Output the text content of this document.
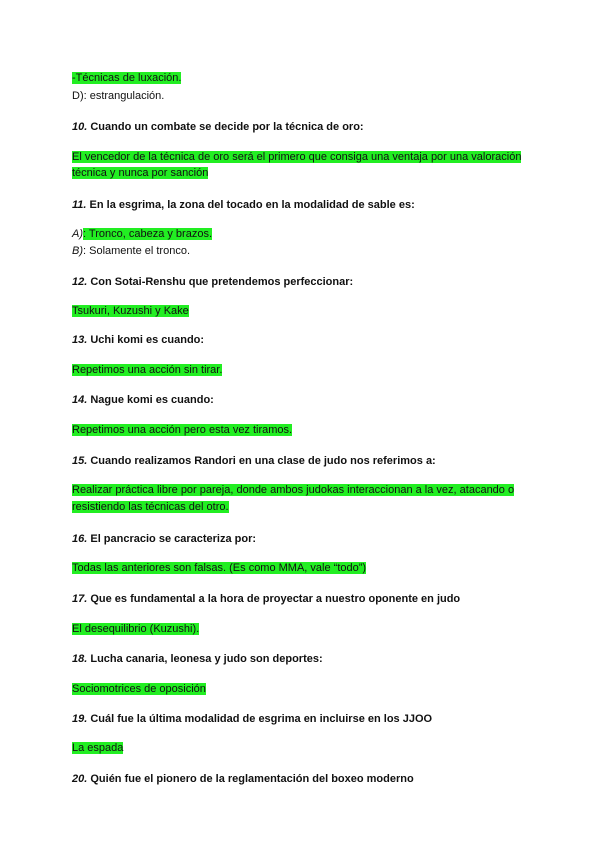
-Técnicas de luxación.
D): estrangulación.
10. Cuando un combate se decide por la técnica de oro:
El vencedor de la técnica de oro será el primero que consiga una ventaja por una valoración
técnica y nunca por sanción
11. En la esgrima, la zona del tocado en la modalidad de sable es:
A): Tronco, cabeza y brazos.
B): Solamente el tronco.
12. Con Sotai-Renshu que pretendemos perfeccionar:
Tsukuri, Kuzushi y Kake
13. Uchi komi es cuando:
Repetimos una acción sin tirar.
14. Nague komi es cuando:
Repetimos una acción pero esta vez tiramos.
15. Cuando realizamos Randori en una clase de judo nos referimos a:
Realizar práctica libre por pareja, donde ambos judokas interaccionan a la vez, atacando o
resistiendo las técnicas del otro.
16. El pancracio se caracteriza por:
Todas las anteriores son falsas. (Es como MMA, vale “todo”)
17. Que es fundamental a la hora de proyectar a nuestro oponente en judo
El desequilibrio (Kuzushi).
18. Lucha canaria, leonesa y judo son deportes:
Sociomotrices de oposición
19. Cuál fue la última modalidad de esgrima en incluirse en los JJOO
La espada
20. Quién fue el pionero de la reglamentación del boxeo moderno
